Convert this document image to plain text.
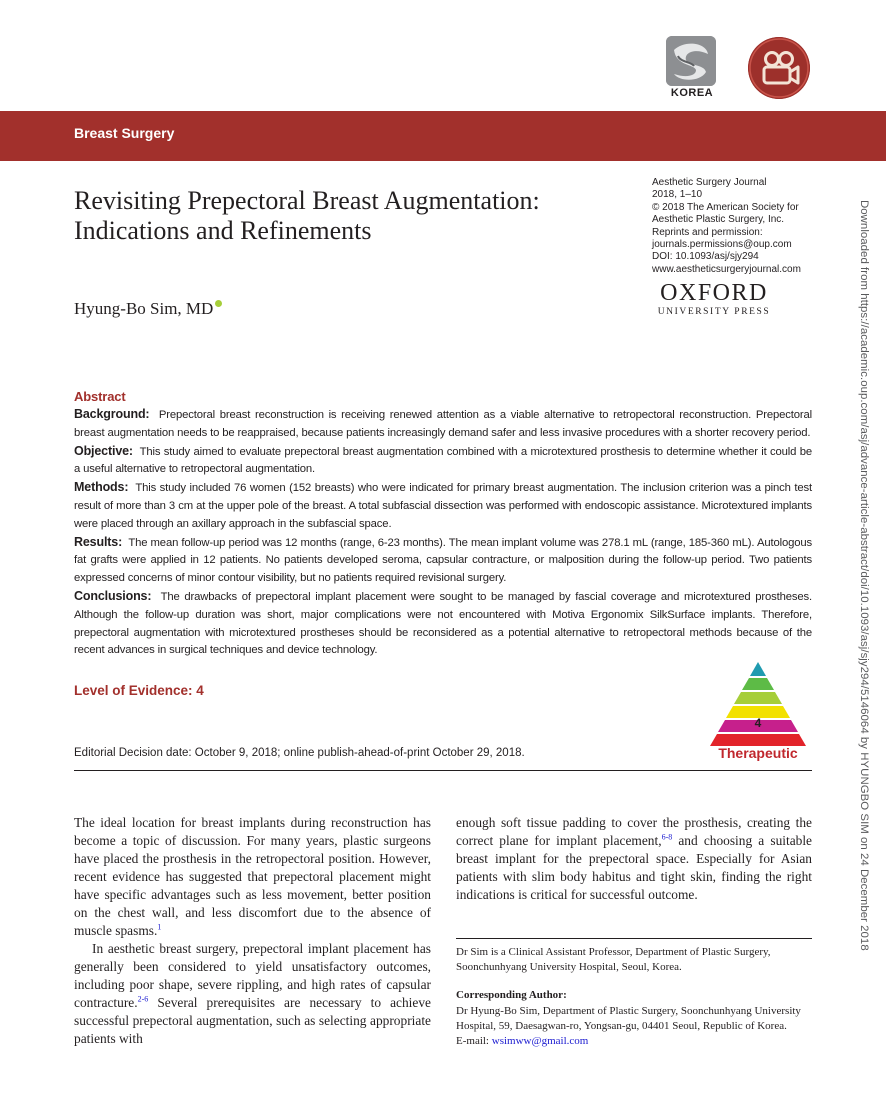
KOREA
Breast Surgery
Revisiting Prepectoral Breast Augmentation:
Indications and Refinements
Aesthetic Surgery Journal
2018, 1–10
© 2018 The American Society for
Aesthetic Plastic Surgery, Inc.
Reprints and permission:
journals.permissions@oup.com
DOI: 10.1093/asj/sjy294
www.aestheticsurgeryjournal.com
OXFORD
UNIVERSITY PRESS
Hyung-Bo Sim, MD
Abstract

Background: Prepectoral breast reconstruction is receiving renewed attention as a viable alternative to retropectoral reconstruction. Prepectoral breast augmentation needs to be reappraised, because patients increasingly demand safer and less invasive procedures with a shorter recovery period.

Objective: This study aimed to evaluate prepectoral breast augmentation combined with a microtextured prosthesis to determine whether it could be a useful alternative to retropectoral augmentation.

Methods: This study included 76 women (152 breasts) who were indicated for primary breast augmentation. The inclusion criterion was a pinch test result of more than 3 cm at the upper pole of the breast. A total subfascial dissection was performed with endoscopic assistance. Microtextured implants were placed through an axillary approach in the subfascial space.

Results: The mean follow-up period was 12 months (range, 6-23 months). The mean implant volume was 278.1 mL (range, 185-360 mL). Autologous fat grafts were applied in 12 patients. No patients developed seroma, capsular contracture, or malposition during the follow-up period. Two patients expressed concerns of minor contour visibility, but no patients required revisional surgery.

Conclusions: The drawbacks of prepectoral implant placement were sought to be managed by fascial coverage and microtextured prostheses. Although the follow-up duration was short, major complications were not encountered with Motiva Ergonomix SilkSurface implants. Therefore, prepectoral augmentation with microtextured prostheses should be reconsidered as a potential alternative to retropectoral methods because of the recent advances in surgical techniques and device technology.

Level of Evidence: 4
4
Therapeutic
Editorial Decision date: October 9, 2018; online publish-ahead-of-print October 29, 2018.

The ideal location for breast implants during reconstruction has become a topic of discussion. For many years, plastic surgeons have placed the prosthesis in the retropectoral position. However, recent evidence has suggested that prepectoral placement might have specific advantages such as less movement, better position on the chest wall, and less discomfort due to the absence of muscle spasms.$^1$

In aesthetic breast surgery, prepectoral implant placement has generally been considered to yield unsatisfactory outcomes, including poor shape, severe rippling, and high rates of capsular contracture.$^{2-6}$ Several prerequisites are necessary to achieve successful prepectoral augmentation, such as selecting appropriate patients with

enough soft tissue padding to cover the prosthesis, creating the correct plane for implant placement,$^{6-8}$ and choosing a suitable breast implant for the prepectoral space. Especially for Asian patients with slim body habitus and tight skin, finding the right indications is critical for successful outcome.

Dr Sim is a Clinical Assistant Professor, Department of Plastic Surgery, Soonchunhyang University Hospital, Seoul, Korea.
Corresponding Author:
Dr Hyung-Bo Sim, Department of Plastic Surgery, Soonchunhyang University Hospital, 59, Daesagwan-ro, Yongsan-gu, 04401 Seoul, Republic of Korea.
E-mail: wsimww@gmail.com
Downloaded from https://academic.oup.com/asj/advance-article-abstract/doi/10.1093/asj/sjy294/5146064 by HYUNGBO SIM on 24 December 2018
